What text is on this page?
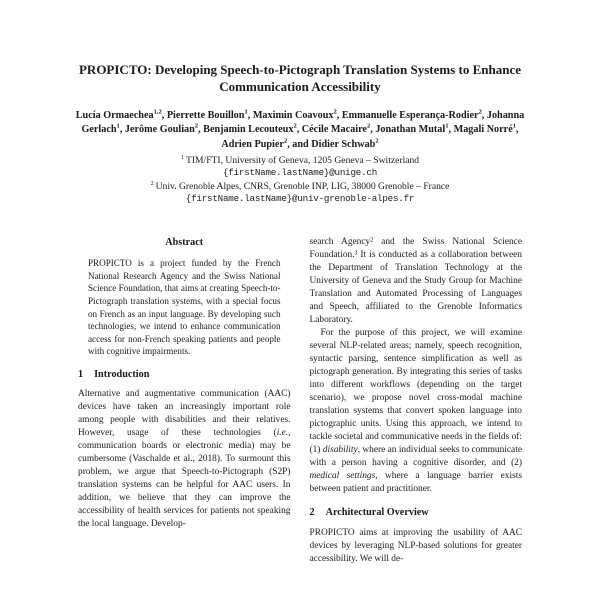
PROPICTO: Developing Speech-to-Pictograph Translation Systems to Enhance Communication Accessibility
Lucía Ormaechea$^{1,2}$, Pierrette Bouillon$^1$, Maximin Coavoux$^2$, Emmanuelle Esperança-Rodier$^2$, Johanna Gerlach$^1$, Jerôme Goulian$^2$, Benjamin Lecouteux$^2$, Cécile Macaire$^2$, Jonathan Mutal$^1$, Magali Norré$^1$, Adrien Pupier$^2$, and Didier Schwab$^2$
$^1$ TIM/FTI, University of Geneva, 1205 Geneva – Switzerland
{firstName.lastName}@unige.ch
$^2$ Univ. Grenoble Alpes, CNRS, Grenoble INP, LIG, 38000 Grenoble – France
{firstName.lastName}@univ-grenoble-alpes.fr
Abstract

PROPICTO is a project funded by the French National Research Agency and the Swiss National Science Foundation, that aims at creating Speech-to-Pictograph translation systems, with a special focus on French as an input language. By developing such technologies, we intend to enhance communication access for non-French speaking patients and people with cognitive impairments.

1 Introduction

Alternative and augmentative communication (AAC) devices have taken an increasingly important role among people with disabilities and their relatives. However, usage of these technologies (i.e., communication boards or electronic media) may be cumbersome (Vaschalde et al., 2018). To surmount this problem, we argue that Speech-to-Pictograph (S2P) translation systems can be helpful for AAC users. In addition, we believe that they can improve the accessibility of health services for patients not speaking the local language. Develop-

search Agency² and the Swiss National Science Foundation.³ It is conducted as a collaboration between the Department of Translation Technology at the University of Geneva and the Study Group for Machine Translation and Automated Processing of Languages and Speech, affiliated to the Grenoble Informatics Laboratory.

For the purpose of this project, we will examine several NLP-related areas; namely, speech recognition, syntactic parsing, sentence simplification as well as pictograph generation. By integrating this series of tasks into different workflows (depending on the target scenario), we propose novel cross-modal machine translation systems that convert spoken language into pictographic units. Using this approach, we intend to tackle societal and communicative needs in the fields of: (1) disability, where an individual seeks to communicate with a person having a cognitive disorder, and (2) medical settings, where a language barrier exists between patient and practitioner.

2 Architectural Overview

PROPICTO aims at improving the usability of AAC devices by leveraging NLP-based solutions for greater accessibility. We will de-
